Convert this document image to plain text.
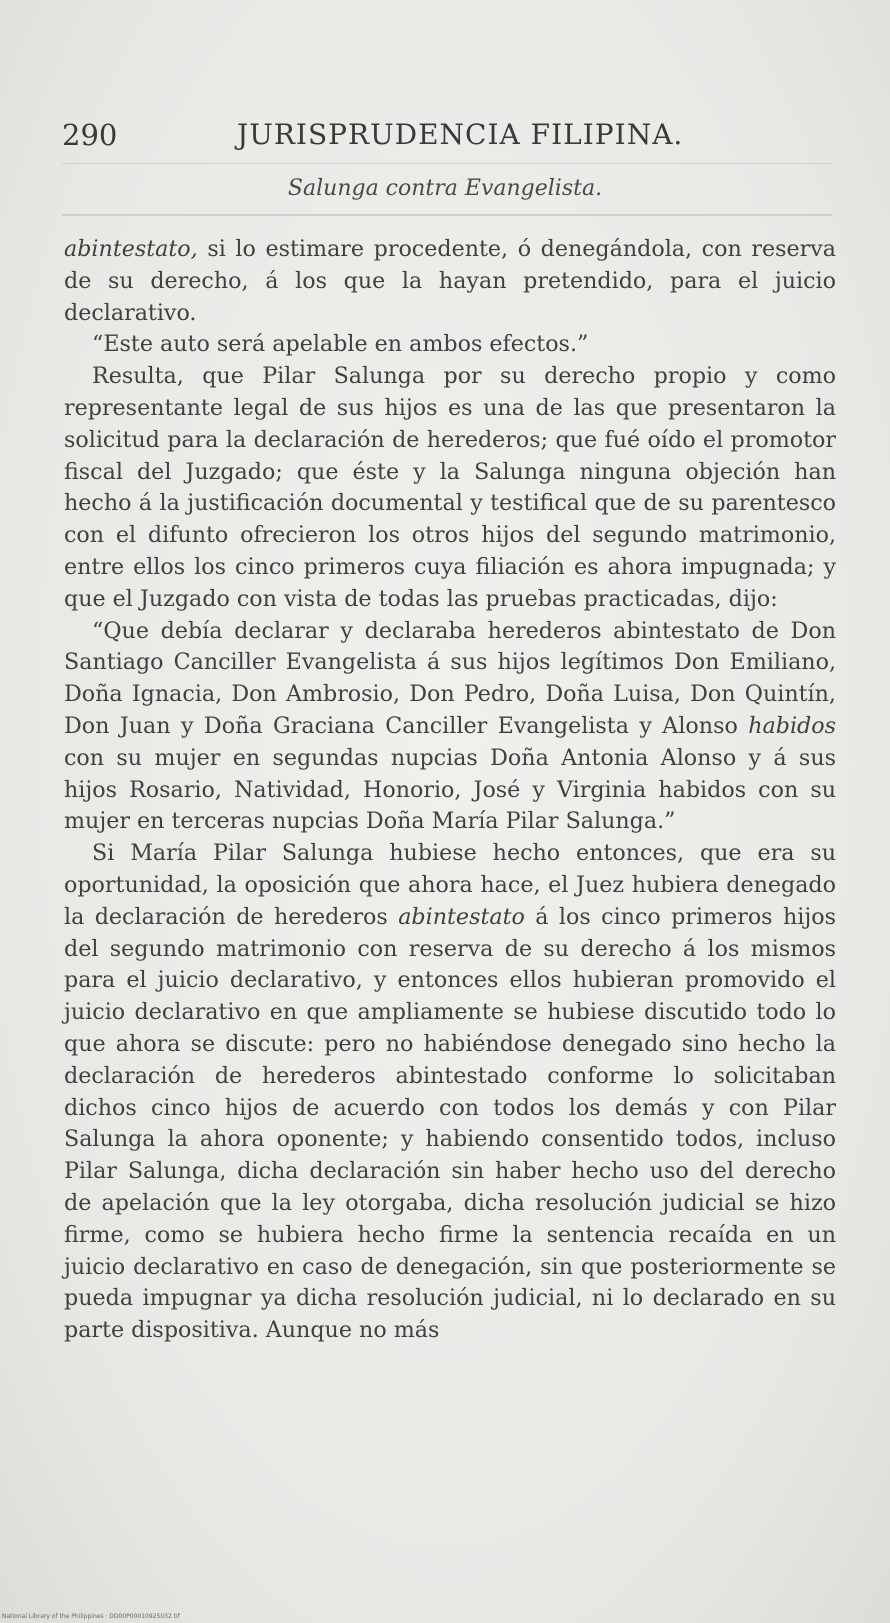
290	JURISPRUDENCIA FILIPINA.
Salunga contra Evangelista.

abintestato, si lo estimare procedente, ó denegándola, con reserva de su derecho, á los que la hayan pretendido, para el juicio declarativo.

“Este auto será apelable en ambos efectos.”

Resulta, que Pilar Salunga por su derecho propio y como representante legal de sus hijos es una de las que presentaron la solicitud para la declaración de herederos; que fué oído el promotor fiscal del Juzgado; que éste y la Salunga ninguna objeción han hecho á la justificación documental y testifical que de su parentesco con el difunto ofrecieron los otros hijos del segundo matrimonio, entre ellos los cinco primeros cuya filiación es ahora impugnada; y que el Juzgado con vista de todas las pruebas practicadas, dijo:

“Que debía declarar y declaraba herederos abintestato de Don Santiago Canciller Evangelista á sus hijos legítimos Don Emiliano, Doña Ignacia, Don Ambrosio, Don Pedro, Doña Luisa, Don Quintín, Don Juan y Doña Graciana Canciller Evangelista y Alonso habidos con su mujer en segundas nupcias Doña Antonia Alonso y á sus hijos Rosario, Natividad, Honorio, José y Virginia habidos con su mujer en terceras nupcias Doña María Pilar Salunga.”

Si María Pilar Salunga hubiese hecho entonces, que era su oportunidad, la oposición que ahora hace, el Juez hubiera denegado la declaración de herederos abintestato á los cinco primeros hijos del segundo matrimonio con reserva de su derecho á los mismos para el juicio declarativo, y entonces ellos hubieran promovido el juicio declarativo en que ampliamente se hubiese discutido todo lo que ahora se discute: pero no habiéndose denegado sino hecho la declaración de herederos abintestado conforme lo solicitaban dichos cinco hijos de acuerdo con todos los demás y con Pilar Salunga la ahora oponente; y habiendo consentido todos, incluso Pilar Salunga, dicha declaración sin haber hecho uso del derecho de apelación que la ley otorgaba, dicha resolución judicial se hizo firme, como se hubiera hecho firme la sentencia recaída en un juicio declarativo en caso de denegación, sin que posteriormente se pueda impugnar ya dicha resolución judicial, ni lo declarado en su parte dispositiva. Aunque no más

National Library of the Philippines · DD00P00010925032 tif
